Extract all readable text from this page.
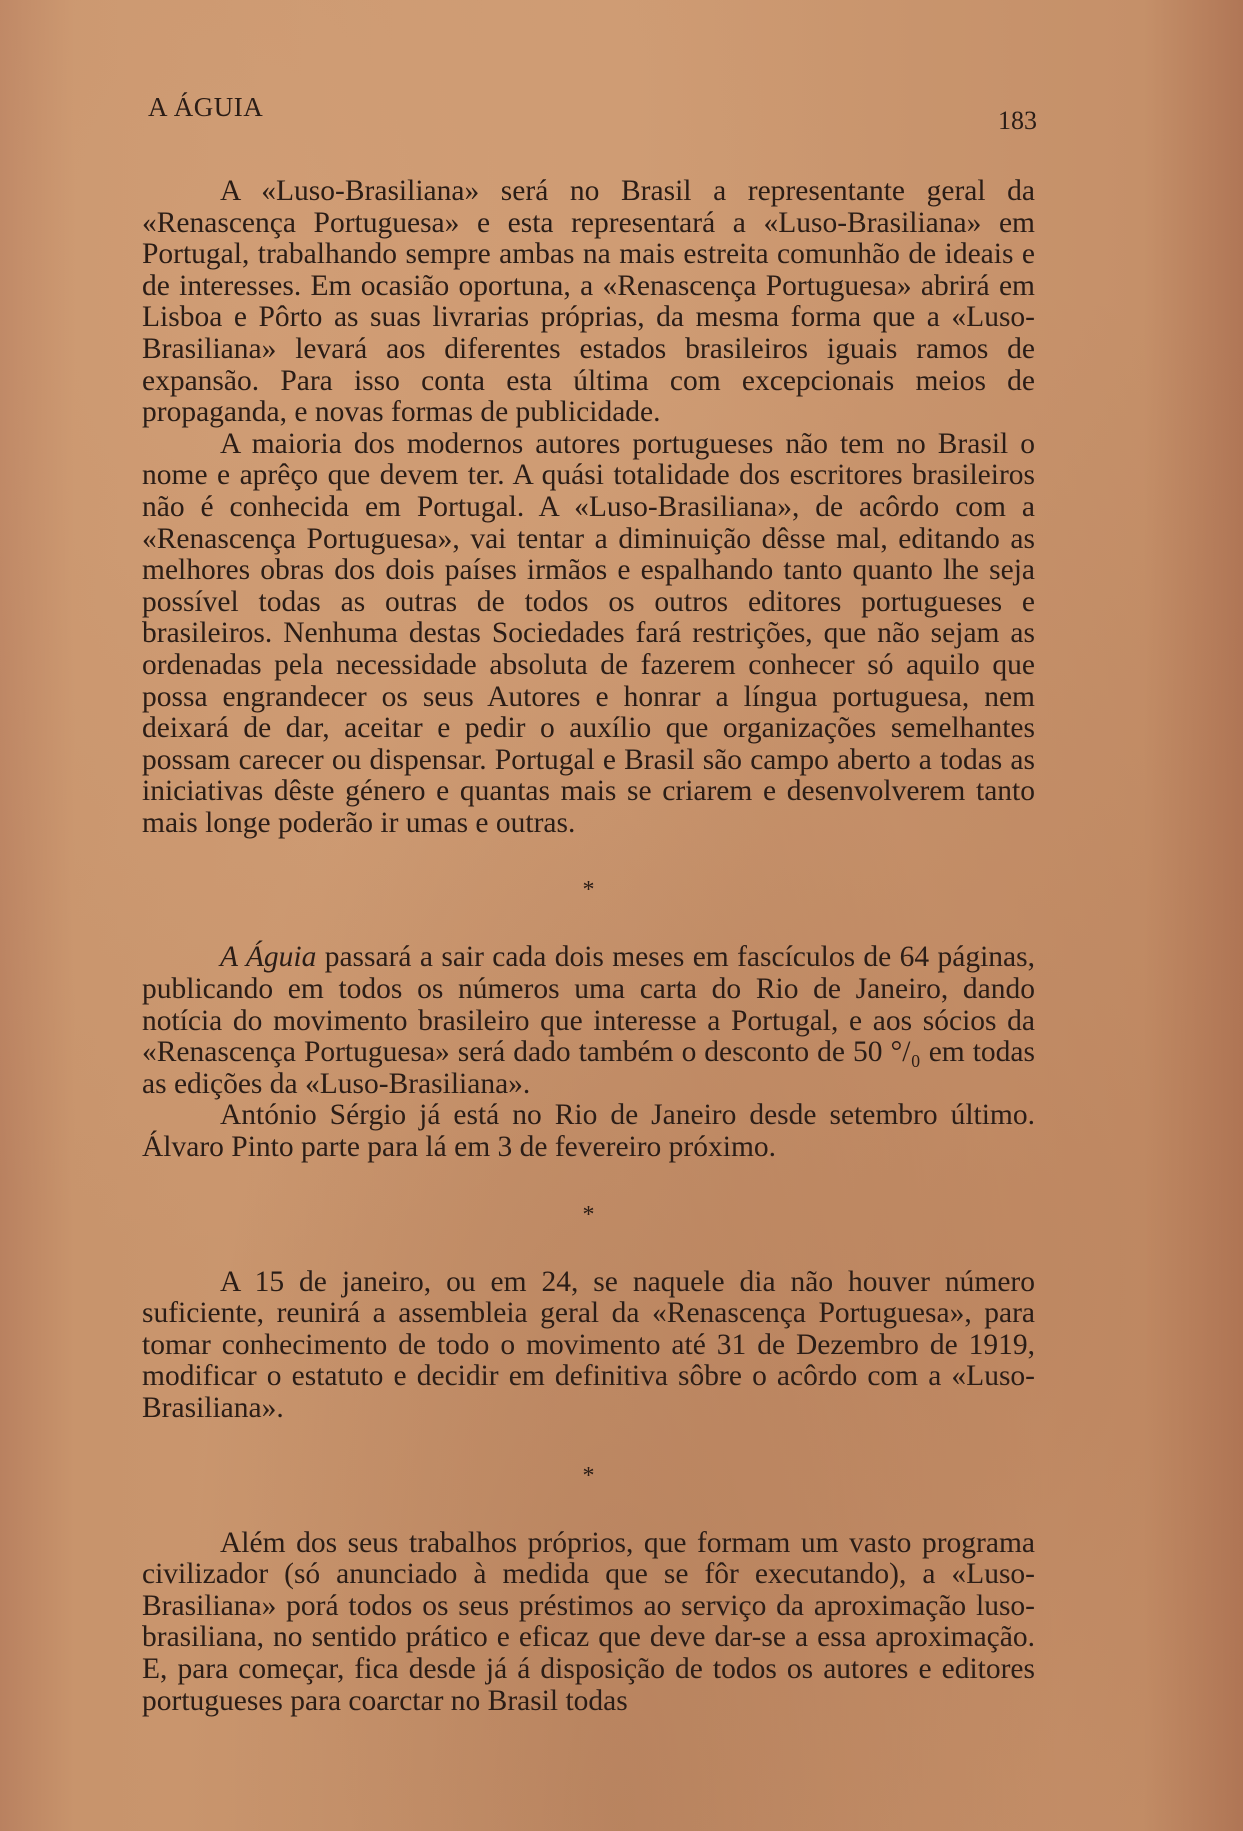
A ÁGUIA	183

A «Luso-Brasiliana» será no Brasil a representante geral da «Renascença Portuguesa» e esta representará a «Luso-Brasiliana» em Portugal, trabalhando sempre ambas na mais estreita comunhão de ideais e de interesses. Em ocasião oportuna, a «Renascença Portuguesa» abrirá em Lisboa e Pôrto as suas livrarias próprias, da mesma forma que a «Luso-Brasiliana» levará aos diferentes estados brasileiros iguais ramos de expansão. Para isso conta esta última com excepcionais meios de propaganda, e novas formas de publicidade.

A maioria dos modernos autores portugueses não tem no Brasil o nome e aprêço que devem ter. A quási totalidade dos escritores brasileiros não é conhecida em Portugal. A «Luso-Brasiliana», de acôrdo com a «Renascença Portuguesa», vai tentar a diminuição dêsse mal, editando as melhores obras dos dois países irmãos e espalhando tanto quanto lhe seja possível todas as outras de todos os outros editores portugueses e brasileiros. Nenhuma destas Sociedades fará restrições, que não sejam as ordenadas pela necessidade absoluta de fazerem conhecer só aquilo que possa engrandecer os seus Autores e honrar a língua portuguesa, nem deixará de dar, aceitar e pedir o auxílio que organizações semelhantes possam carecer ou dispensar. Portugal e Brasil são campo aberto a todas as iniciativas dêste género e quantas mais se criarem e desenvolverem tanto mais longe poderão ir umas e outras.

*

A Águia passará a sair cada dois meses em fascículos de 64 páginas, publicando em todos os números uma carta do Rio de Janeiro, dando notícia do movimento brasileiro que interesse a Portugal, e aos sócios da «Renascença Portuguesa» será dado também o desconto de 50 °/₀ em todas as edições da «Luso-Brasiliana».

António Sérgio já está no Rio de Janeiro desde setembro último. Álvaro Pinto parte para lá em 3 de fevereiro próximo.

*

A 15 de janeiro, ou em 24, se naquele dia não houver número suficiente, reunirá a assembleia geral da «Renascença Portuguesa», para tomar conhecimento de todo o movimento até 31 de Dezembro de 1919, modificar o estatuto e decidir em definitiva sôbre o acôrdo com a «Luso-Brasiliana».

*

Além dos seus trabalhos próprios, que formam um vasto programa civilizador (só anunciado à medida que se fôr executando), a «Luso-Brasiliana» porá todos os seus préstimos ao serviço da aproximação luso-brasiliana, no sentido prático e eficaz que deve dar-se a essa aproximação. E, para começar, fica desde já á disposição de todos os autores e editores portugueses para coarctar no Brasil todas
